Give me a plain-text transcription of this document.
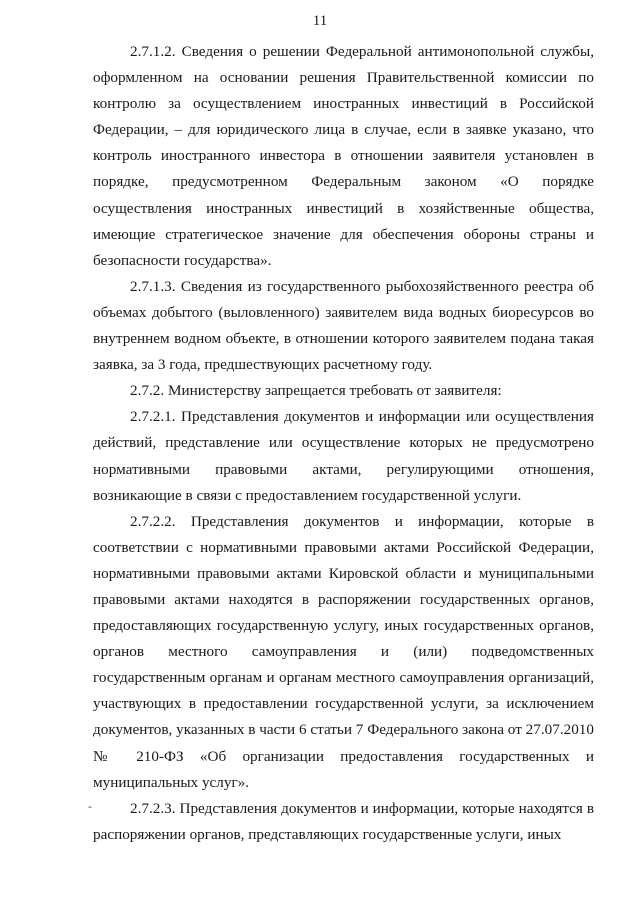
11

2.7.1.2. Сведения о решении Федеральной антимонопольной службы, оформленном на основании решения Правительственной комиссии по контролю за осуществлением иностранных инвестиций в Российской Федерации, – для юридического лица в случае, если в заявке указано, что контроль иностранного инвестора в отношении заявителя установлен в порядке, предусмотренном Федеральным законом «О порядке осуществления иностранных инвестиций в хозяйственные общества, имеющие стратегическое значение для обеспечения обороны страны и безопасности государства».

2.7.1.3. Сведения из государственного рыбохозяйственного реестра об объемах добытого (выловленного) заявителем вида водных биоресурсов во внутреннем водном объекте, в отношении которого заявителем подана такая заявка, за 3 года, предшествующих расчетному году.

2.7.2. Министерству запрещается требовать от заявителя:

2.7.2.1. Представления документов и информации или осуществления действий, представление или осуществление которых не предусмотрено нормативными правовыми актами, регулирующими отношения, возникающие в связи с предоставлением государственной услуги.

2.7.2.2. Представления документов и информации, которые в соответствии с нормативными правовыми актами Российской Федерации, нормативными правовыми актами Кировской области и муниципальными правовыми актами находятся в распоряжении государственных органов, предоставляющих государственную услугу, иных государственных органов, органов местного самоуправления и (или) подведомственных государственным органам и органам местного самоуправления организаций, участвующих в предоставлении государственной услуги, за исключением документов, указанных в части 6 статьи 7 Федерального закона от 27.07.2010 № 210-ФЗ «Об организации предоставления государственных и муниципальных услуг».

2.7.2.3. Представления документов и информации, которые находятся в распоряжении органов, представляющих государственные услуги, иных

-
